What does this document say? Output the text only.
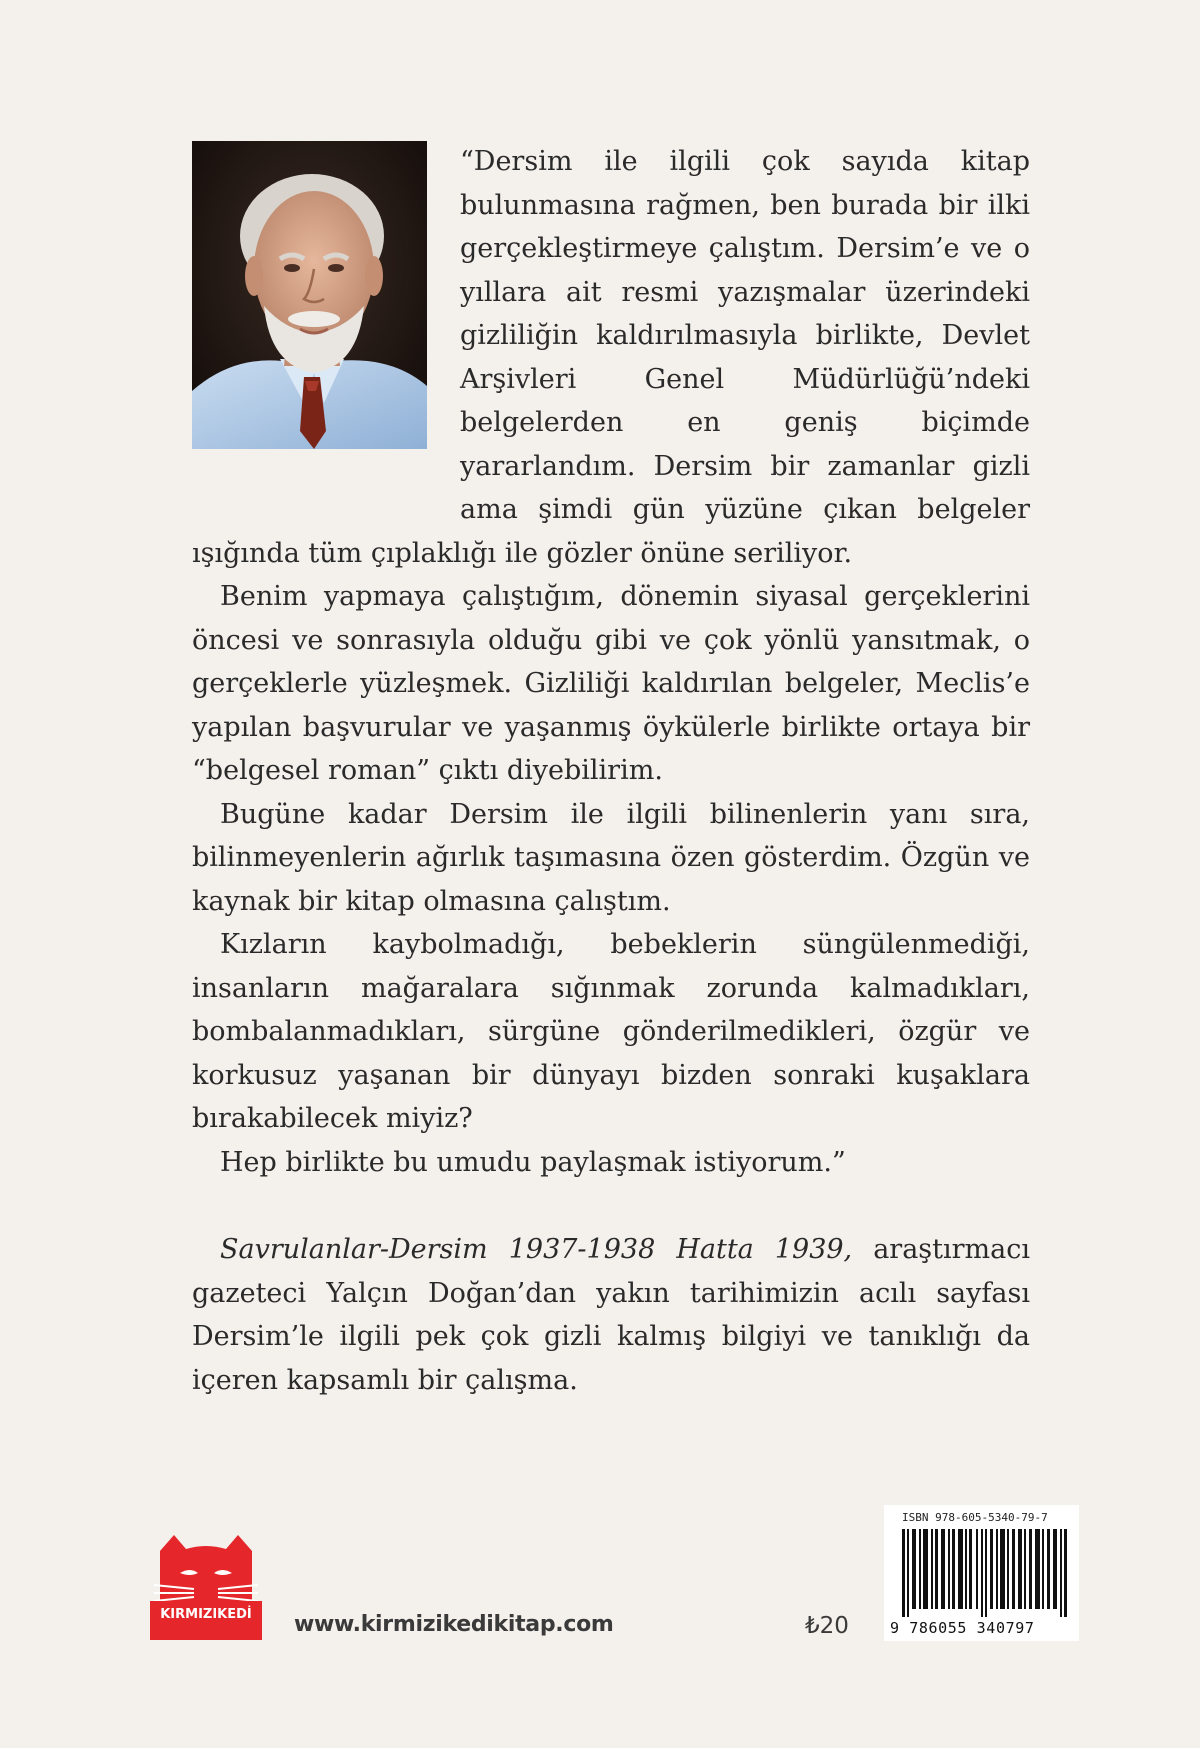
“Dersim ile ilgili çok sayıda kitap bulunmasına rağmen, ben burada bir ilki gerçekleştirmeye çalıştım. Dersim’e ve o yıllara ait resmi yazışmalar üzerindeki gizliliğin kaldırılmasıyla birlikte, Devlet Arşivleri Genel Müdürlüğü’ndeki belgelerden en geniş biçimde yararlandım. Dersim bir zamanlar gizli ama şimdi gün yüzüne çıkan belgeler ışığında tüm çıplaklığı ile gözler önüne seriliyor.

Benim yapmaya çalıştığım, dönemin siyasal gerçeklerini öncesi ve sonrasıyla olduğu gibi ve çok yönlü yansıtmak, o gerçeklerle yüzleşmek. Gizliliği kaldırılan belgeler, Meclis’e yapılan başvurular ve yaşanmış öykülerle birlikte ortaya bir “belgesel roman” çıktı diyebilirim.

Bugüne kadar Dersim ile ilgili bilinenlerin yanı sıra, bilinmeyenlerin ağırlık taşımasına özen gösterdim. Özgün ve kaynak bir kitap olmasına çalıştım.

Kızların kaybolmadığı, bebeklerin süngülenmediği, insanların mağaralara sığınmak zorunda kalmadıkları, bombalanmadıkları, sürgüne gönderilmedikleri, özgür ve korkusuz yaşanan bir dünyayı bizden sonraki kuşaklara bırakabilecek miyiz?

Hep birlikte bu umudu paylaşmak istiyorum.”

Savrulanlar-Dersim 1937-1938 Hatta 1939, araştırmacı gazeteci Yalçın Doğan’dan yakın tarihimizin acılı sayfası Dersim’le ilgili pek çok gizli kalmış bilgiyi ve tanıklığı da içeren kapsamlı bir çalışma.

KIRMIZIKEDİ www.kirmizikedikitap.com	₺20
ISBN 978-605-5340-79-7
9 786055 340797
